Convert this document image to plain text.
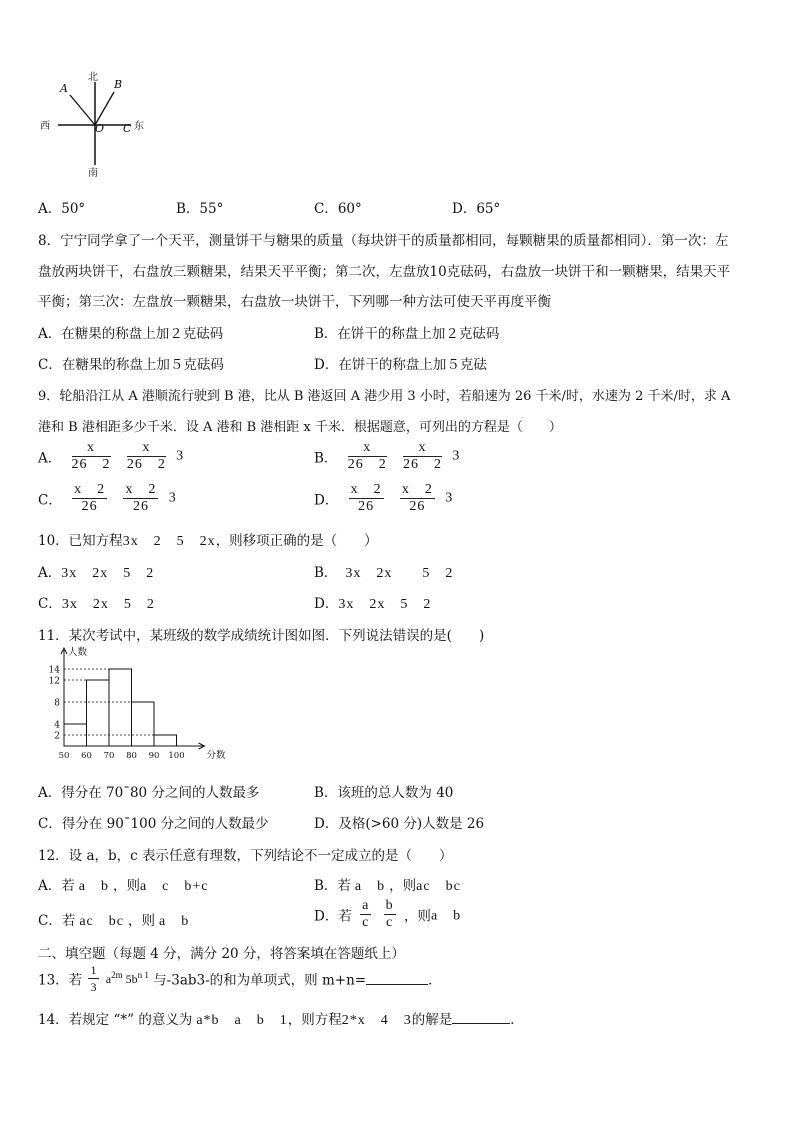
北
南
东
西
A	B
O C
A．50°	B．55°	C．60°	D．65°
8．宁宁同学拿了一个天平，测量饼干与糖果的质量（每块饼干的质量都相同，每颗糖果的质量都相同）．第一次：左
盘放两块饼干，右盘放三颗糖果，结果天平平衡；第二次，左盘放10克砝码，右盘放一块饼干和一颗糖果，结果天平
平衡；第三次：左盘放一颗糖果，右盘放一块饼干，下列哪一种方法可使天平再度平衡
A．在糖果的称盘上加２克砝码	B．在饼干的称盘上加２克砝码
C．在糖果的称盘上加５克砝码	D．在饼干的称盘上加５克砝
9．轮船沿江从 A 港顺流行驶到 B 港，比从 B 港返回 A 港少用 3 小时，若船速为 26 千米/时，水速为 2 千米/时，求 A
港和 B 港相距多少千米．设 A 港和 B 港相距 x 千米．根据题意，可列出的方程是（　　）
A． $\frac{x}{26 2}$
$\frac{x}{26 2} 3$	B． $\frac{x}{26 2}$
$\frac{x}{26 2} 3$
C． $\frac{x 2}{26}$
$\frac{x 2}{26} 3$	D． $\frac{x 2}{26}$
$\frac{x 2}{26} 3$
10．已知方程3x　2　5　2x，则移项正确的是（　　）
A．3x　2x　5　2	B． 3x　2x　　5　2
C．3x　2x　5　2	D．3x　2x　5　2
11．某次考试中，某班级的数学成绩统计图如图．下列说法错误的是(　　)
2
4
8
12
14
50 60 70 80 90 100
人数
分数
A．得分在 70¯80 分之间的人数最多	B．该班的总人数为 40
C．得分在 90¯100 分之间的人数最少	D．及格(>60 分)人数是 26
12．设 a，b，c 表示任意有理数，下列结论不一定成立的是（　　）
A．若 a　b ，则a　c　b+c	B．若 a　b ，则ac　bc
C．若 ac　bc ，则 a　b	D．若 $\frac{a}{c}$
$\frac{b}{c}$ ，则a　b
二、填空题（每题 4 分，满分 20 分，将答案填在答题纸上）
13．若 $\frac{1}{3} a^{2m}$ $5b^{n 1}$ 与-3ab3-的和为单项式，则 m+n=	．
14．若规定 “*” 的意义为 a*b　a　b　1，则方程2*x　4　3的解是	．
